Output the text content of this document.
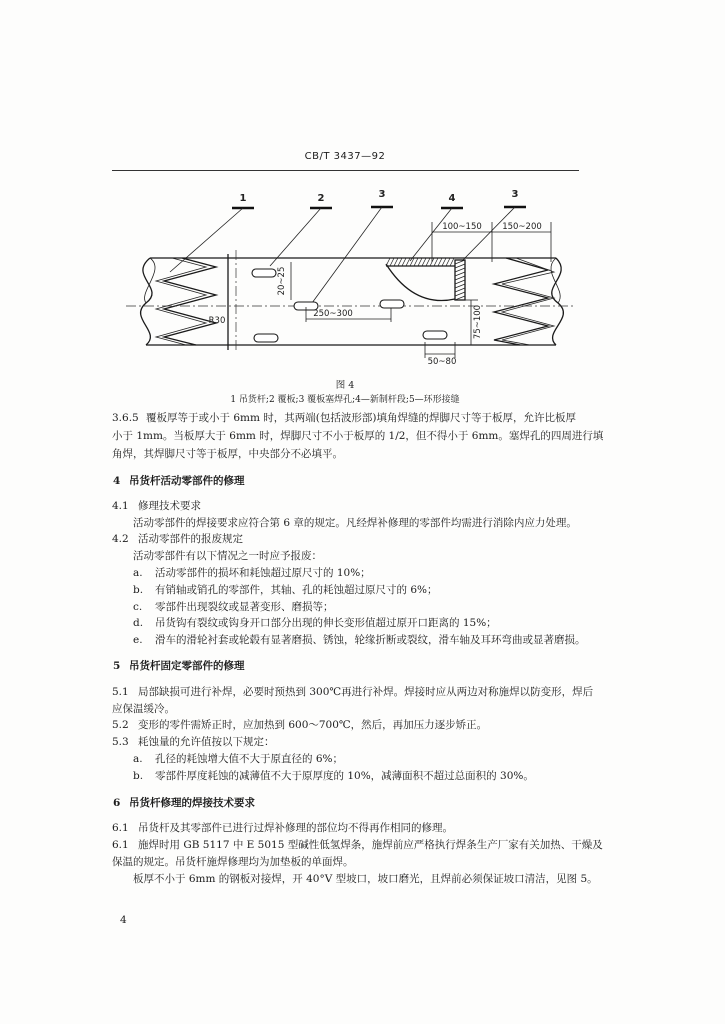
CB/T 3437—92
1	2	3	4	3
20~25
250~300
R30
100~150 150~200
75~100
50~80
图 4
1 吊货杆;2 覆板;3 覆板塞焊孔;4—新制杆段;5—环形接缝
3.6.5 覆板厚等于或小于 6mm 时，其两端(包括波形部)填角焊缝的焊脚尺寸等于板厚，允许比板厚
小于 1mm。当板厚大于 6mm 时，焊脚尺寸不小于板厚的 1/2，但不得小于 6mm。塞焊孔的四周进行填
角焊，其焊脚尺寸等于板厚，中央部分不必填平。
4 吊货杆活动零部件的修理
4.1 修理技术要求
活动零部件的焊接要求应符合第 6 章的规定。凡经焊补修理的零部件均需进行消除内应力处理。
4.2 活动零部件的报废规定
活动零部件有以下情况之一时应予报废：
a. 活动零部件的损坏和耗蚀超过原尺寸的 10%；
b. 有销轴或销孔的零部件，其轴、孔的耗蚀超过原尺寸的 6%；
c. 零部件出现裂纹或显著变形、磨损等；
d. 吊货钩有裂纹或钩身开口部分出现的伸长变形值超过原开口距离的 15%；
e. 滑车的滑轮衬套或轮毂有显著磨损、锈蚀，轮缘折断或裂纹，滑车轴及耳环弯曲或显著磨损。
5 吊货杆固定零部件的修理
5.1 局部缺损可进行补焊，必要时预热到 300℃再进行补焊。焊接时应从两边对称施焊以防变形，焊后
应保温缓冷。
5.2 变形的零件需矫正时，应加热到 600～700℃，然后，再加压力逐步矫正。
5.3 耗蚀量的允许值按以下规定：
a. 孔径的耗蚀增大值不大于原直径的 6%；
b. 零部件厚度耗蚀的减薄值不大于原厚度的 10%，减薄面积不超过总面积的 30%。
6 吊货杆修理的焊接技术要求
6.1 吊货杆及其零部件已进行过焊补修理的部位均不得再作相同的修理。
6.1 施焊时用 GB 5117 中 E 5015 型碱性低氢焊条，施焊前应严格执行焊条生产厂家有关加热、干燥及
保温的规定。吊货杆施焊修理均为加垫板的单面焊。
板厚不小于 6mm 的钢板对接焊，开 40°V 型坡口，坡口磨光，且焊前必须保证坡口清洁，见图 5。
4
